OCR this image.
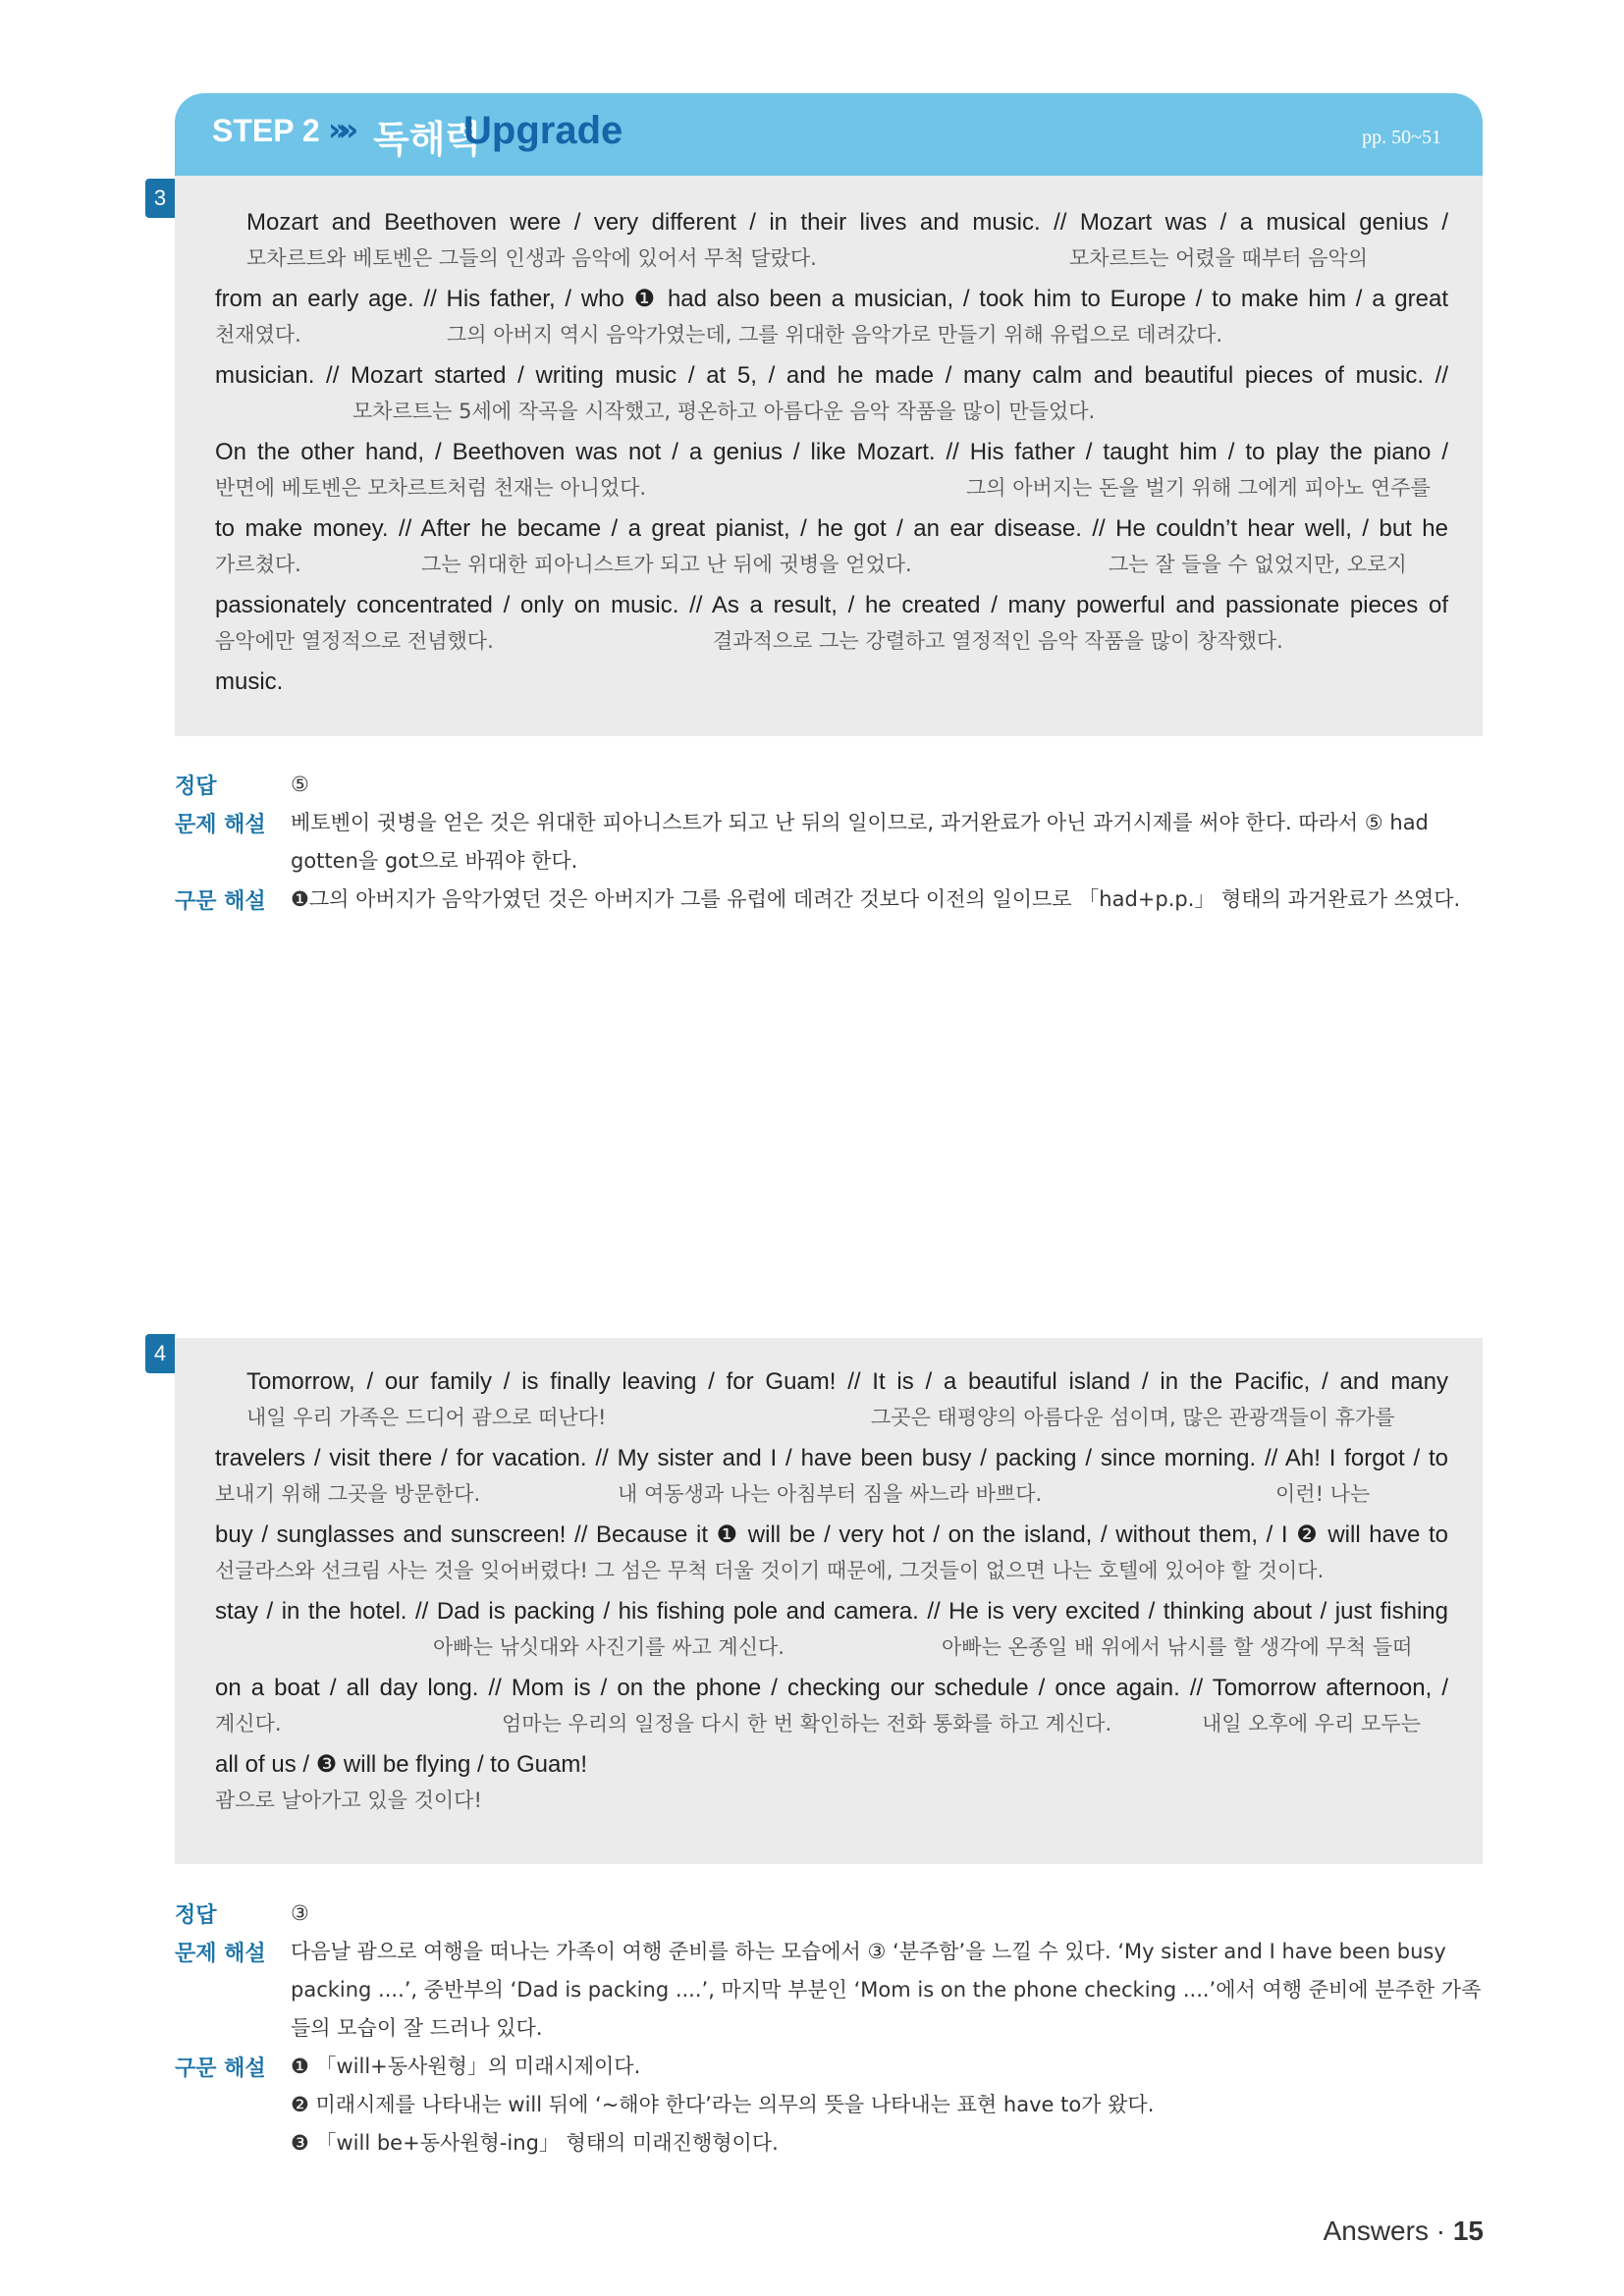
STEP 2 »» 독해력
Upgrade	pp. 50~51
3
Mozart and Beethoven were / very different / in their lives and music. // Mozart was / a musical genius /
모차르트와 베토벤은 그들의 인생과 음악에 있어서 무척 달랐다.	모차르트는 어렸을 때부터 음악의
from an early age. // His father, / who ❶ had also been a musician, / took him to Europe / to make him / a great
천재였다.	그의 아버지 역시 음악가였는데, 그를 위대한 음악가로 만들기 위해 유럽으로 데려갔다.
musician. // Mozart started / writing music / at 5, / and he made / many calm and beautiful pieces of music. //
모차르트는 5세에 작곡을 시작했고, 평온하고 아름다운 음악 작품을 많이 만들었다.
On the other hand, / Beethoven was not / a genius / like Mozart. // His father / taught him / to play the piano /
반면에 베토벤은 모차르트처럼 천재는 아니었다.	그의 아버지는 돈을 벌기 위해 그에게 피아노 연주를
to make money. // After he became / a great pianist, / he got / an ear disease. // He couldn’t hear well, / but he
가르쳤다.	그는 위대한 피아니스트가 되고 난 뒤에 귓병을 얻었다.	그는 잘 들을 수 없었지만, 오로지
passionately concentrated / only on music. // As a result, / he created / many powerful and passionate pieces of
음악에만 열정적으로 전념했다.	결과적으로 그는 강렬하고 열정적인 음악 작품을 많이 창작했다.
music.
정답	⑤
문제 해설 베토벤이 귓병을 얻은 것은 위대한 피아니스트가 되고 난 뒤의 일이므로, 과거완료가 아닌 과거시제를 써야 한다. 따라서 ⑤ had gotten을 got으로 바꿔야 한다.
구문 해설 ❶그의 아버지가 음악가였던 것은 아버지가 그를 유럽에 데려간 것보다 이전의 일이므로 「had+p.p.」 형태의 과거완료가 쓰였다.
4
Tomorrow, / our family / is finally leaving / for Guam! // It is / a beautiful island / in the Pacific, / and many
내일 우리 가족은 드디어 괌으로 떠난다!	그곳은 태평양의 아름다운 섬이며, 많은 관광객들이 휴가를
travelers / visit there / for vacation. // My sister and I / have been busy / packing / since morning. // Ah! I forgot / to
보내기 위해 그곳을 방문한다.	내 여동생과 나는 아침부터 짐을 싸느라 바쁘다.	이런! 나는
buy / sunglasses and sunscreen! // Because it ❶ will be / very hot / on the island, / without them, / I ❷ will have to
선글라스와 선크림 사는 것을 잊어버렸다! 그 섬은 무척 더울 것이기 때문에, 그것들이 없으면 나는 호텔에 있어야 할 것이다.
stay / in the hotel. // Dad is packing / his fishing pole and camera. // He is very excited / thinking about / just fishing
아빠는 낚싯대와 사진기를 싸고 계신다.	아빠는 온종일 배 위에서 낚시를 할 생각에 무척 들떠
on a boat / all day long. // Mom is / on the phone / checking our schedule / once again. // Tomorrow afternoon, /
계신다.	엄마는 우리의 일정을 다시 한 번 확인하는 전화 통화를 하고 계신다.	내일 오후에 우리 모두는
all of us / ❸ will be flying / to Guam!
괌으로 날아가고 있을 것이다!
정답	③
문제 해설 다음날 괌으로 여행을 떠나는 가족이 여행 준비를 하는 모습에서 ③ ‘분주함’을 느낄 수 있다. ‘My sister and I have been busy packing ....’, 중반부의 ‘Dad is packing ....’, 마지막 부분인 ‘Mom is on the phone checking ....’에서 여행 준비에 분주한 가족들의 모습이 잘 드러나 있다.
구문 해설 ❶ 「will+동사원형」의 미래시제이다.
❷ 미래시제를 나타내는 will 뒤에 ‘~해야 한다’라는 의무의 뜻을 나타내는 표현 have to가 왔다.
❸ 「will be+동사원형-ing」 형태의 미래진행형이다.
Answers · 15
